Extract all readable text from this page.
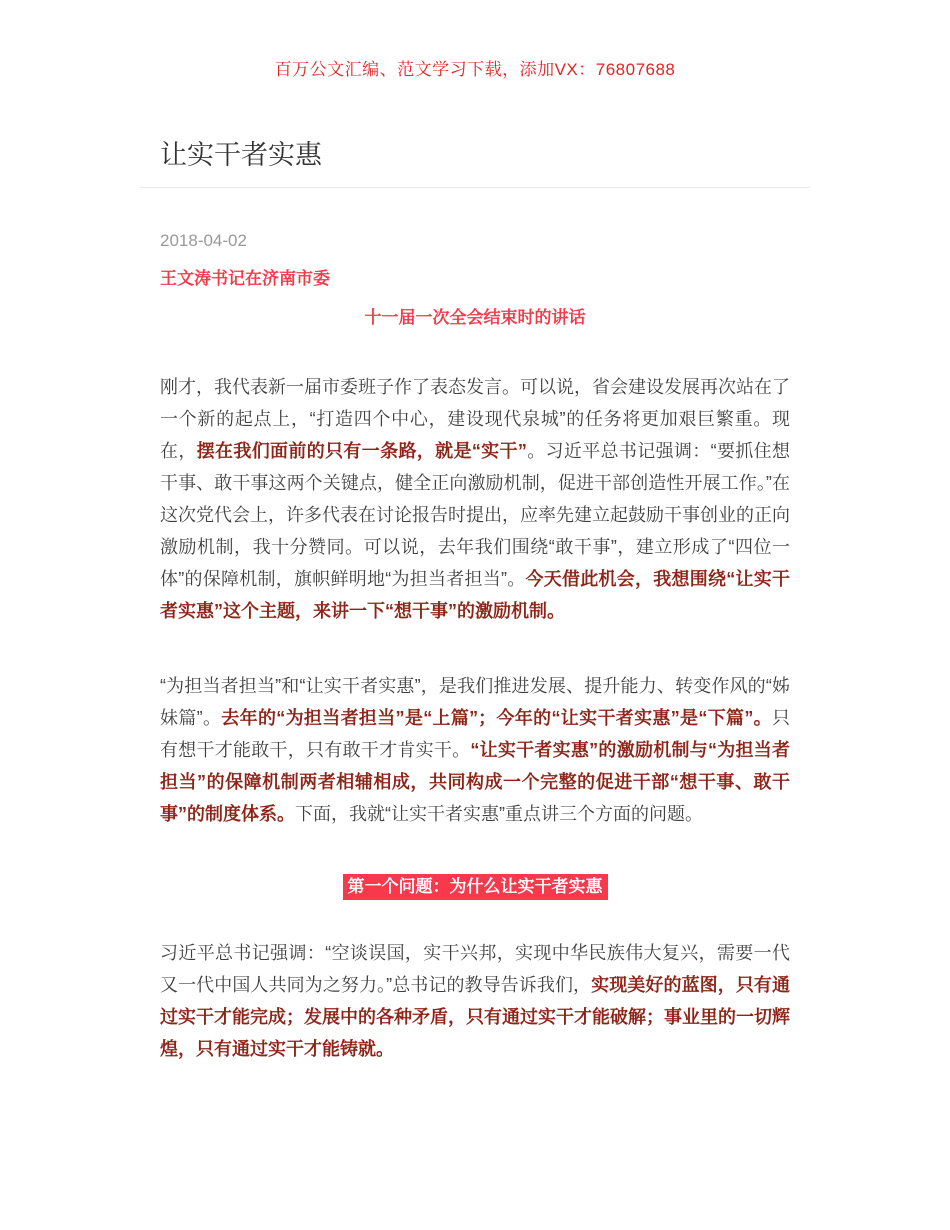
百万公文汇编、范文学习下载，添加VX：76807688
让实干者实惠
2018-04-02
王文涛书记在济南市委
十一届一次全会结束时的讲话

刚才，我代表新一届市委班子作了表态发言。可以说，省会建设发展再次站在了一个新的起点上，“打造四个中心，建设现代泉城”的任务将更加艰巨繁重。现在，摆在我们面前的只有一条路，就是“实干”。习近平总书记强调：“要抓住想干事、敢干事这两个关键点，健全正向激励机制，促进干部创造性开展工作。”在这次党代会上，许多代表在讨论报告时提出，应率先建立起鼓励干事创业的正向激励机制，我十分赞同。可以说，去年我们围绕“敢干事”，建立形成了“四位一体”的保障机制，旗帜鲜明地“为担当者担当”。今天借此机会，我想围绕“让实干者实惠”这个主题，来讲一下“想干事”的激励机制。

“为担当者担当”和“让实干者实惠”，是我们推进发展、提升能力、转变作风的“姊妹篇”。去年的“为担当者担当”是“上篇”；今年的“让实干者实惠”是“下篇”。只有想干才能敢干，只有敢干才肯实干。“让实干者实惠”的激励机制与“为担当者担当”的保障机制两者相辅相成，共同构成一个完整的促进干部“想干事、敢干事”的制度体系。下面，我就“让实干者实惠”重点讲三个方面的问题。

第一个问题：为什么让实干者实惠

习近平总书记强调：“空谈误国，实干兴邦，实现中华民族伟大复兴，需要一代又一代中国人共同为之努力。”总书记的教导告诉我们，实现美好的蓝图，只有通过实干才能完成；发展中的各种矛盾，只有通过实干才能破解；事业里的一切辉煌，只有通过实干才能铸就。
